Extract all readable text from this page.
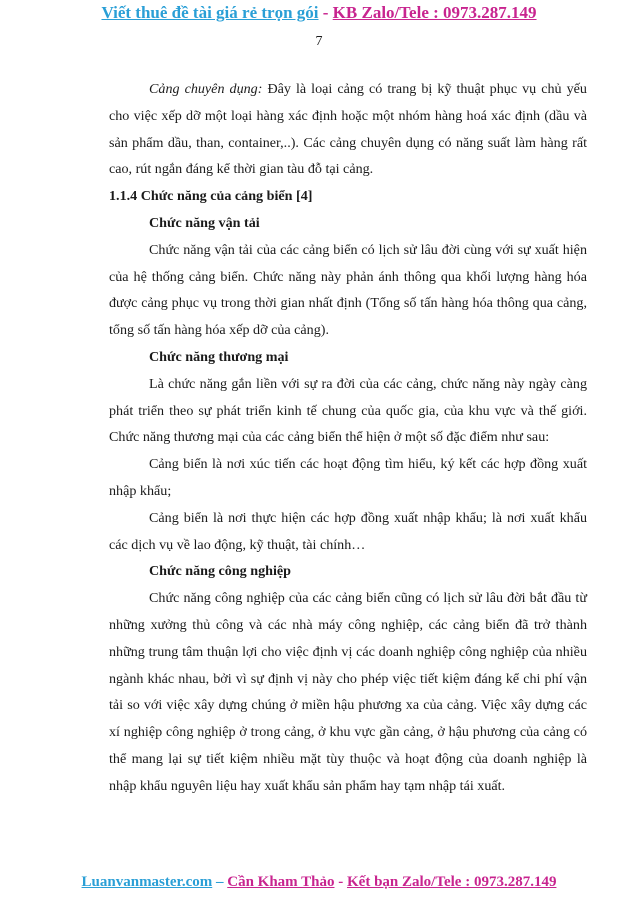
Viết thuê đề tài giá rẻ trọn gói - KB Zalo/Tele : 0973.287.149
7

Cảng chuyên dụng: Đây là loại cảng có trang bị kỹ thuật phục vụ chủ yếu cho việc xếp dỡ một loại hàng xác định hoặc một nhóm hàng hoá xác định (dầu và sản phẩm dầu, than, container,..). Các cảng chuyên dụng có năng suất làm hàng rất cao, rút ngắn đáng kể thời gian tàu đỗ tại cảng.

1.1.4 Chức năng của cảng biển [4]

Chức năng vận tải

Chức năng vận tải của các cảng biển có lịch sử lâu đời cùng với sự xuất hiện của hệ thống cảng biển. Chức năng này phản ánh thông qua khối lượng hàng hóa được cảng phục vụ trong thời gian nhất định (Tổng số tấn hàng hóa thông qua cảng, tổng số tấn hàng hóa xếp dỡ của cảng).

Chức năng thương mại

Là chức năng gắn liền với sự ra đời của các cảng, chức năng này ngày càng phát triển theo sự phát triển kinh tế chung của quốc gia, của khu vực và thế giới. Chức năng thương mại của các cảng biển thể hiện ở một số đặc điểm như sau:

Cảng biển là nơi xúc tiến các hoạt động tìm hiểu, ký kết các hợp đồng xuất nhập khẩu;

Cảng biển là nơi thực hiện các hợp đồng xuất nhập khẩu; là nơi xuất khẩu các dịch vụ về lao động, kỹ thuật, tài chính…

Chức năng công nghiệp

Chức năng công nghiệp của các cảng biển cũng có lịch sử lâu đời bắt đầu từ những xưởng thủ công và các nhà máy công nghiệp, các cảng biển đã trở thành những trung tâm thuận lợi cho việc định vị các doanh nghiệp công nghiệp của nhiều ngành khác nhau, bởi vì sự định vị này cho phép việc tiết kiệm đáng kể chi phí vận tải so với việc xây dựng chúng ở miền hậu phương xa của cảng. Việc xây dựng các xí nghiệp công nghiệp ở trong cảng, ở khu vực gần cảng, ở hậu phương của cảng có thể mang lại sự tiết kiệm nhiều mặt tùy thuộc và hoạt động của doanh nghiệp là nhập khẩu nguyên liệu hay xuất khẩu sản phẩm hay tạm nhập tái xuất.

Luanvanmaster.com – Cần Kham Thảo - Kết bạn Zalo/Tele : 0973.287.149
